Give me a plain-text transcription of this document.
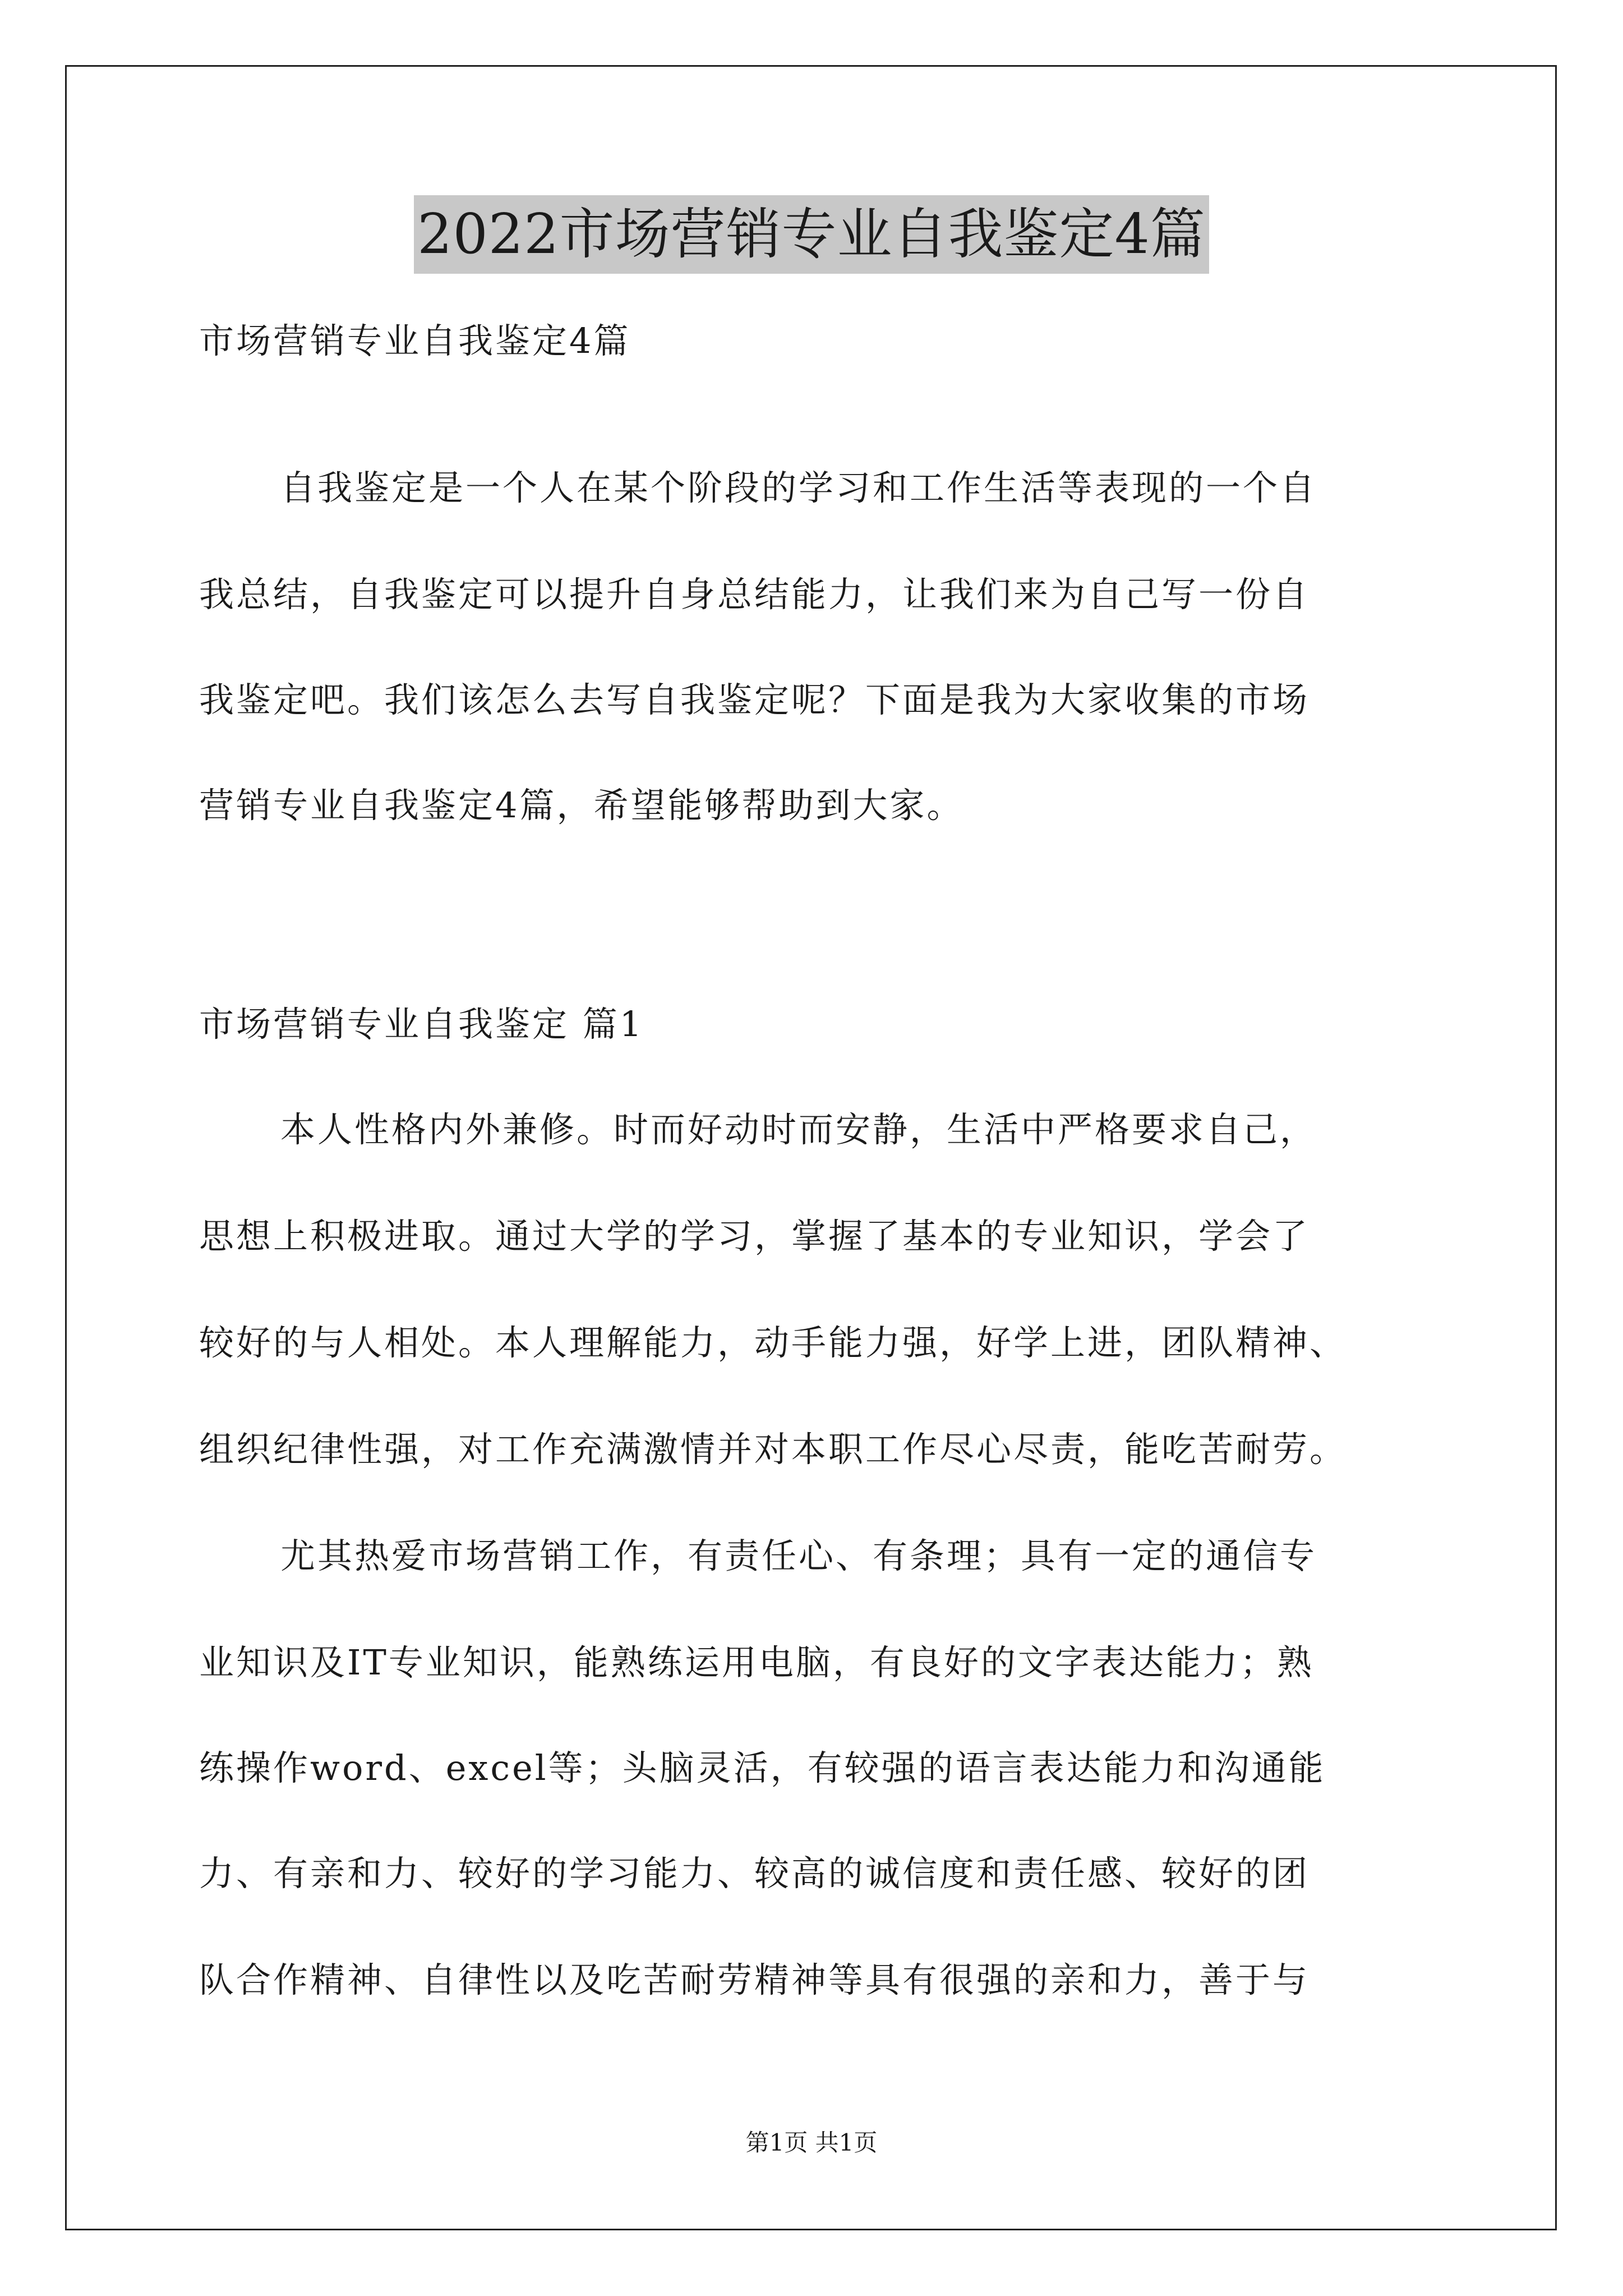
2022市场营销专业自我鉴定4篇
市场营销专业自我鉴定4篇
自我鉴定是一个人在某个阶段的学习和工作生活等表现的一个自
我总结，自我鉴定可以提升自身总结能力，让我们来为自己写一份自
我鉴定吧。我们该怎么去写自我鉴定呢？下面是我为大家收集的市场
营销专业自我鉴定4篇，希望能够帮助到大家。
市场营销专业自我鉴定 篇1
本人性格内外兼修。时而好动时而安静，生活中严格要求自己，
思想上积极进取。通过大学的学习，掌握了基本的专业知识，学会了
较好的与人相处。本人理解能力，动手能力强，好学上进，团队精神、
组织纪律性强，对工作充满激情并对本职工作尽心尽责，能吃苦耐劳。
尤其热爱市场营销工作，有责任心、有条理；具有一定的通信专
业知识及IT专业知识，能熟练运用电脑，有良好的文字表达能力；熟
练操作word、excel等；头脑灵活，有较强的语言表达能力和沟通能
力、有亲和力、较好的学习能力、较高的诚信度和责任感、较好的团
队合作精神、自律性以及吃苦耐劳精神等具有很强的亲和力，善于与
第1页 共1页
